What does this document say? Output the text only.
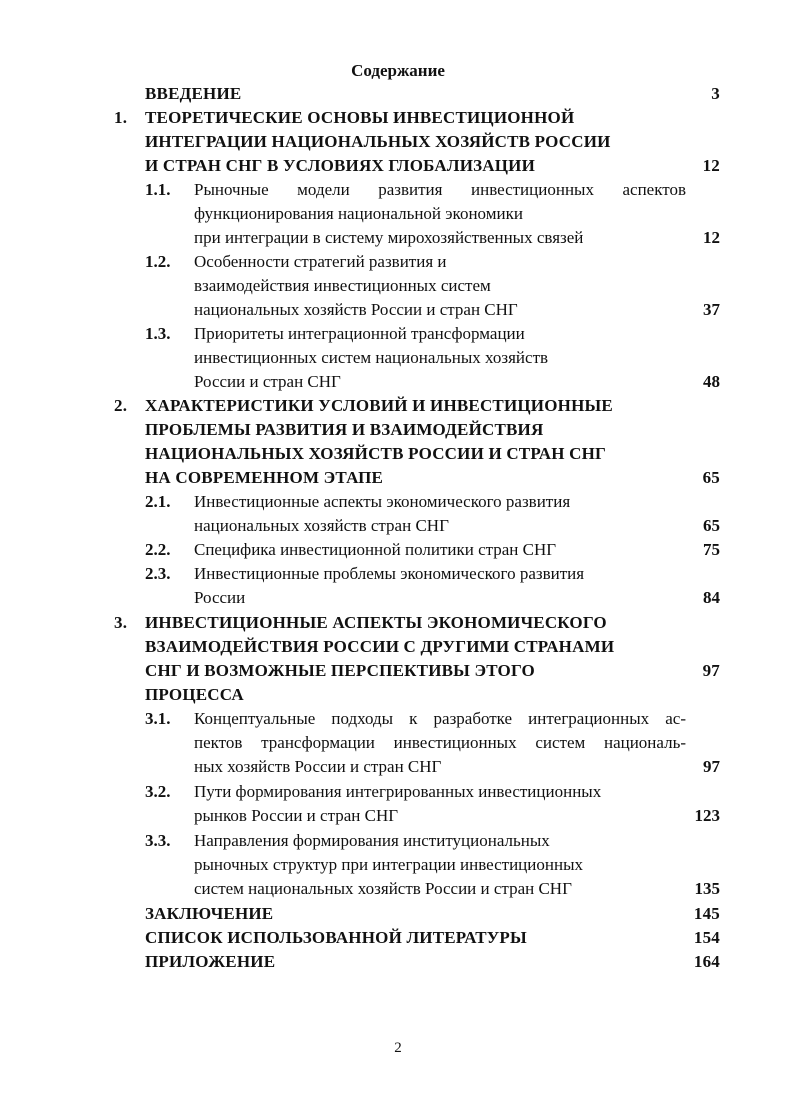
Содержание
ВВЕДЕНИЕ	3
1. ТЕОРЕТИЧЕСКИЕ ОСНОВЫ ИНВЕСТИЦИОННОЙ
ИНТЕГРАЦИИ НАЦИОНАЛЬНЫХ ХОЗЯЙСТВ РОССИИ
И СТРАН СНГ В УСЛОВИЯХ ГЛОБАЛИЗАЦИИ	12
1.1. Рыночные модели развития инвестиционных аспектов
функционирования национальной экономики
при интеграции в систему мирохозяйственных связей	12
1.2. Особенности стратегий развития и
взаимодействия инвестиционных систем
национальных хозяйств России и стран СНГ	37
1.3. Приоритеты интеграционной трансформации
инвестиционных систем национальных хозяйств
России и стран СНГ	48
2. ХАРАКТЕРИСТИКИ УСЛОВИЙ И ИНВЕСТИЦИОННЫЕ
ПРОБЛЕМЫ РАЗВИТИЯ И ВЗАИМОДЕЙСТВИЯ
НАЦИОНАЛЬНЫХ ХОЗЯЙСТВ РОССИИ И СТРАН СНГ
НА СОВРЕМЕННОМ ЭТАПЕ	65
2.1. Инвестиционные аспекты экономического развития
национальных хозяйств стран СНГ	65
2.2. Специфика инвестиционной политики стран СНГ	75
2.3. Инвестиционные проблемы экономического развития
России	84
3. ИНВЕСТИЦИОННЫЕ АСПЕКТЫ ЭКОНОМИЧЕСКОГО
ВЗАИМОДЕЙСТВИЯ РОССИИ С ДРУГИМИ СТРАНАМИ
СНГ И ВОЗМОЖНЫЕ ПЕРСПЕКТИВЫ ЭТОГО	97
ПРОЦЕССА
3.1. Концептуальные подходы к разработке интеграционных ас-
пектов трансформации инвестиционных систем националь-
ных хозяйств России и стран СНГ	97
3.2. Пути формирования интегрированных инвестиционных
рынков России и стран СНГ	123
3.3. Направления формирования институциональных
рыночных структур при интеграции инвестиционных
систем национальных хозяйств России и стран СНГ	135
ЗАКЛЮЧЕНИЕ	145
СПИСОК ИСПОЛЬЗОВАННОЙ ЛИТЕРАТУРЫ	154
ПРИЛОЖЕНИЕ	164
2
